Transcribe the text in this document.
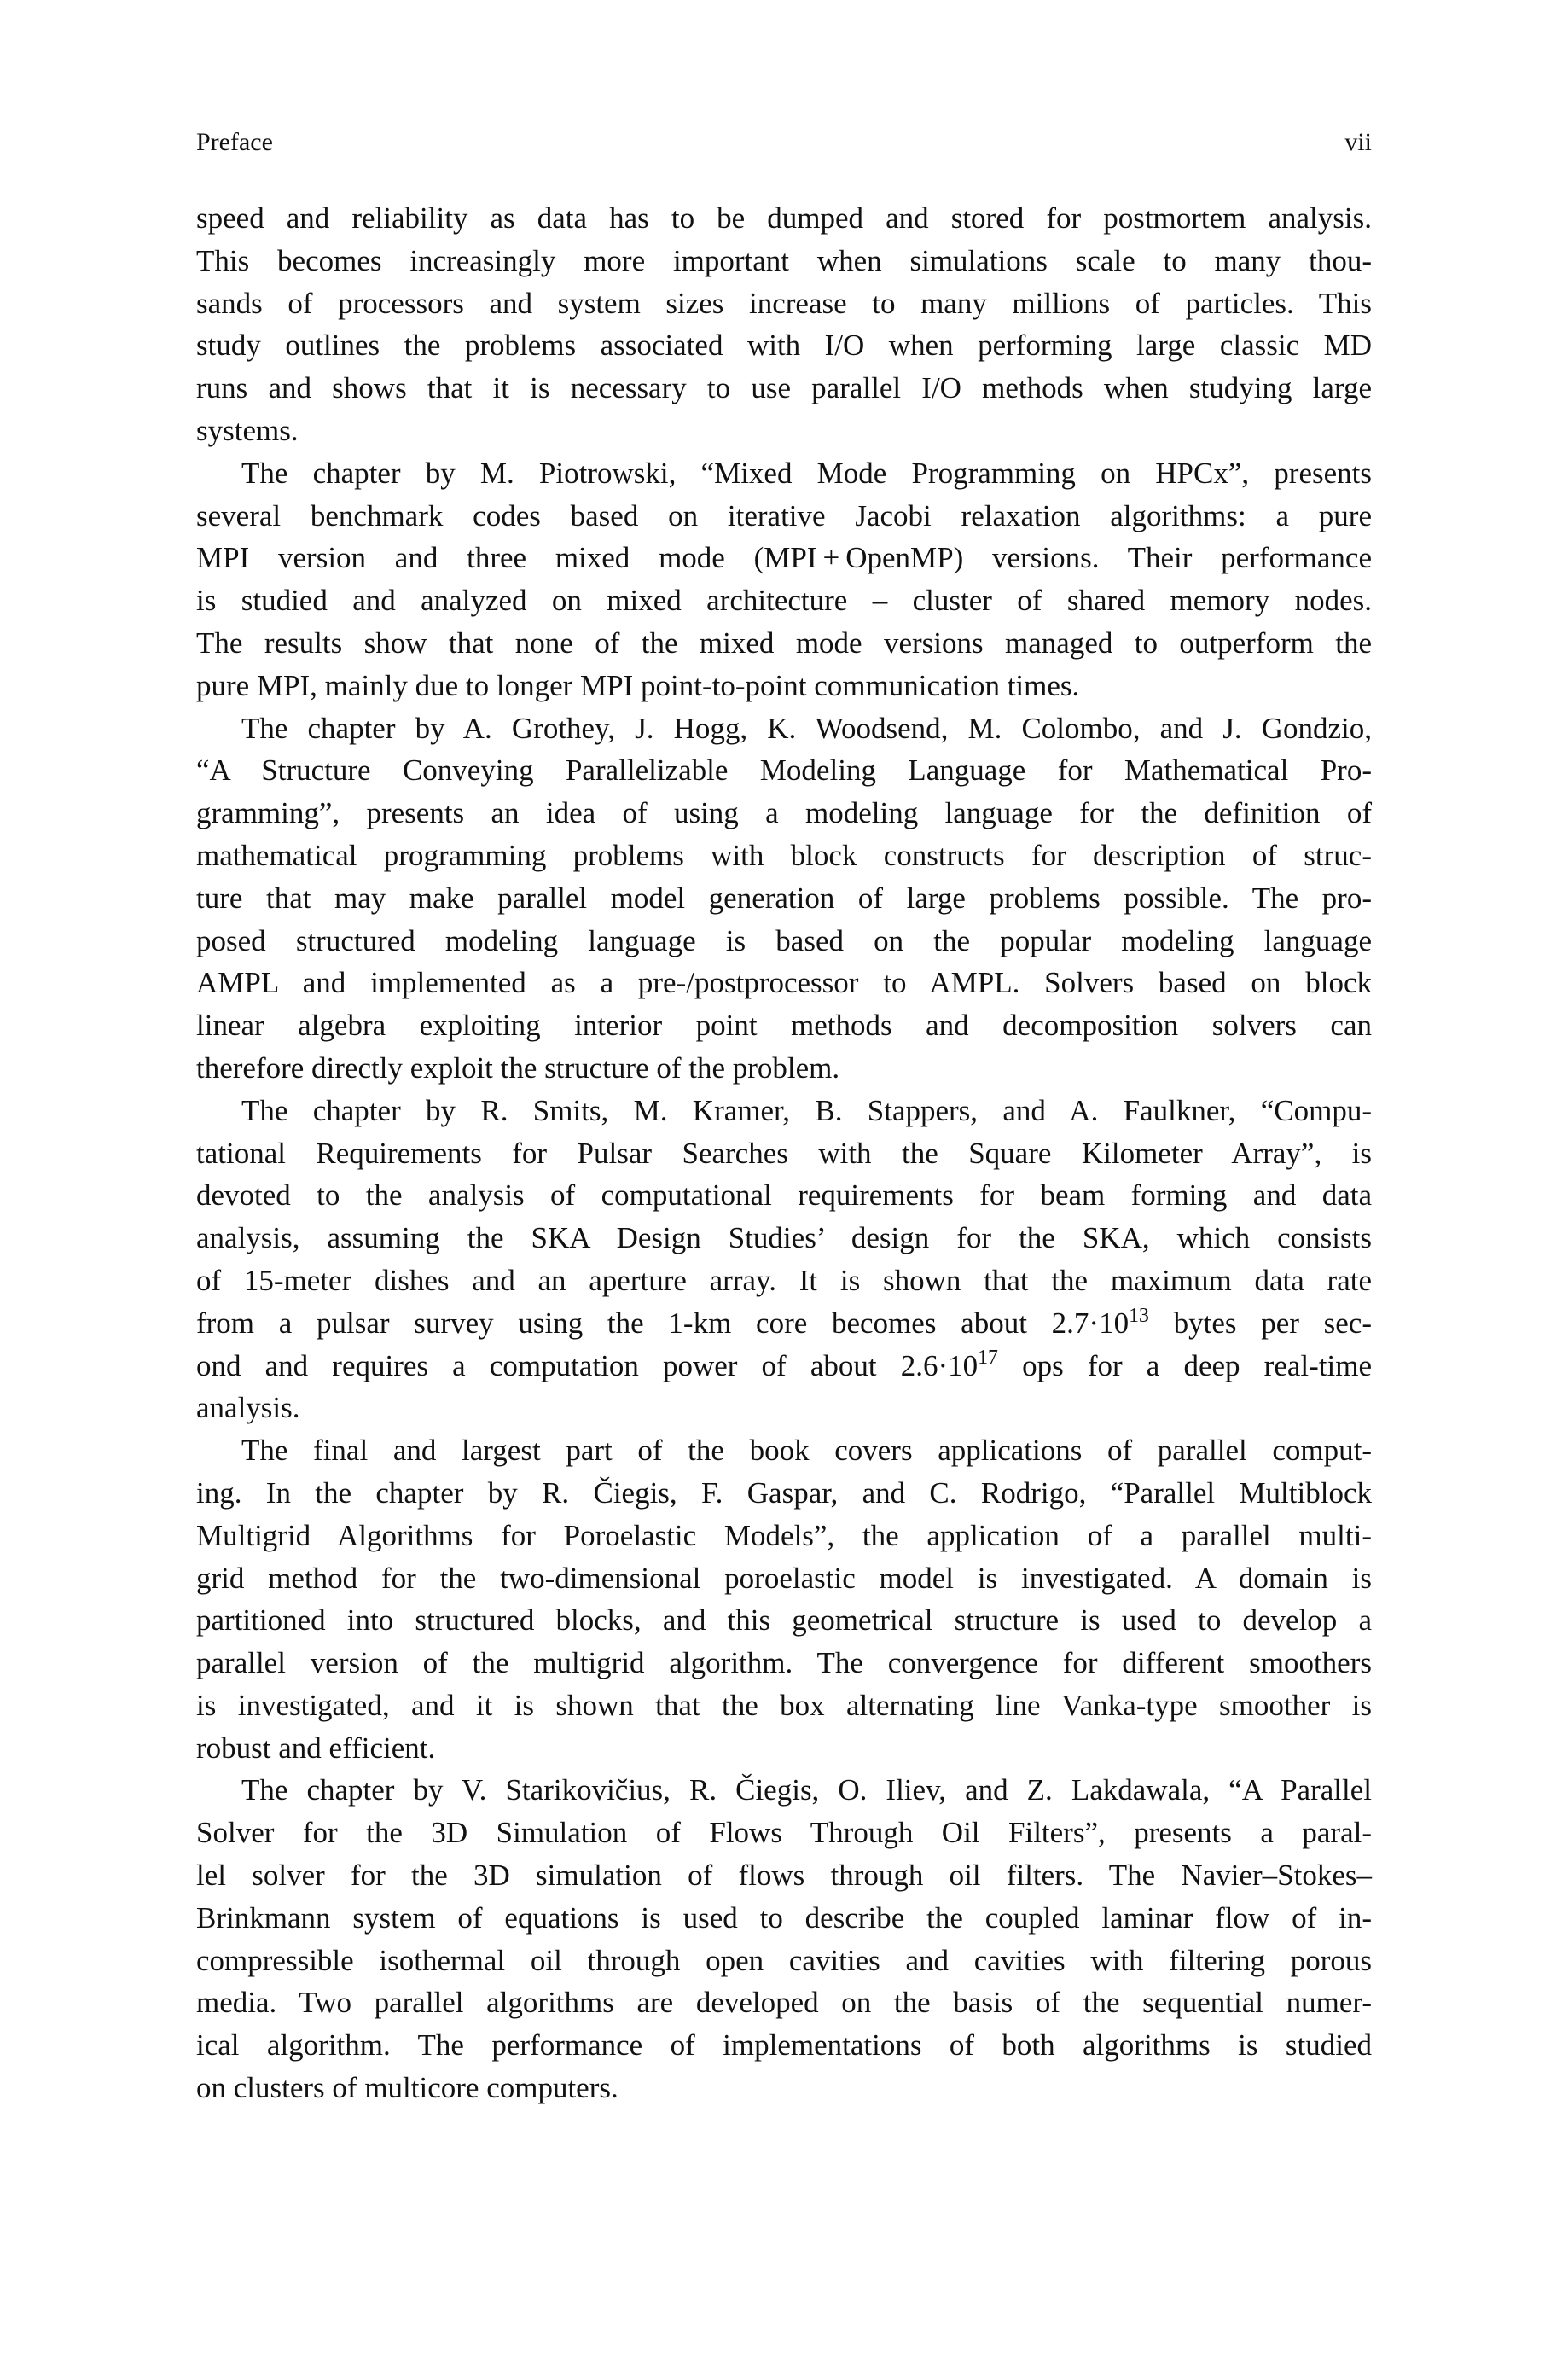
Preface	vii
speed and reliability as data has to be dumped and stored for postmortem analysis.
This becomes increasingly more important when simulations scale to many thou-
sands of processors and system sizes increase to many millions of particles. This
study outlines the problems associated with I/O when performing large classic MD
runs and shows that it is necessary to use parallel I/O methods when studying large
systems.
The chapter by M. Piotrowski, “Mixed Mode Programming on HPCx”, presents
several benchmark codes based on iterative Jacobi relaxation algorithms: a pure
MPI version and three mixed mode (MPI + OpenMP) versions. Their performance
is studied and analyzed on mixed architecture – cluster of shared memory nodes.
The results show that none of the mixed mode versions managed to outperform the
pure MPI, mainly due to longer MPI point-to-point communication times.
The chapter by A. Grothey, J. Hogg, K. Woodsend, M. Colombo, and J. Gondzio,
“A Structure Conveying Parallelizable Modeling Language for Mathematical Pro-
gramming”, presents an idea of using a modeling language for the definition of
mathematical programming problems with block constructs for description of struc-
ture that may make parallel model generation of large problems possible. The pro-
posed structured modeling language is based on the popular modeling language
AMPL and implemented as a pre-/postprocessor to AMPL. Solvers based on block
linear algebra exploiting interior point methods and decomposition solvers can
therefore directly exploit the structure of the problem.
The chapter by R. Smits, M. Kramer, B. Stappers, and A. Faulkner, “Compu-
tational Requirements for Pulsar Searches with the Square Kilometer Array”, is
devoted to the analysis of computational requirements for beam forming and data
analysis, assuming the SKA Design Studies’ design for the SKA, which consists
of 15-meter dishes and an aperture array. It is shown that the maximum data rate
from a pulsar survey using the 1-km core becomes about $2.7\cdot 10^{13}$ bytes per sec-
ond and requires a computation power of about $2.6\cdot 10^{17}$ ops for a deep real-time
analysis.
The final and largest part of the book covers applications of parallel comput-
ing. In the chapter by R. Čiegis, F. Gaspar, and C. Rodrigo, “Parallel Multiblock
Multigrid Algorithms for Poroelastic Models”, the application of a parallel multi-
grid method for the two-dimensional poroelastic model is investigated. A domain is
partitioned into structured blocks, and this geometrical structure is used to develop a
parallel version of the multigrid algorithm. The convergence for different smoothers
is investigated, and it is shown that the box alternating line Vanka-type smoother is
robust and efficient.
The chapter by V. Starikovičius, R. Čiegis, O. Iliev, and Z. Lakdawala, “A Parallel
Solver for the 3D Simulation of Flows Through Oil Filters”, presents a paral-
lel solver for the 3D simulation of flows through oil filters. The Navier–Stokes–
Brinkmann system of equations is used to describe the coupled laminar flow of in-
compressible isothermal oil through open cavities and cavities with filtering porous
media. Two parallel algorithms are developed on the basis of the sequential numer-
ical algorithm. The performance of implementations of both algorithms is studied
on clusters of multicore computers.
